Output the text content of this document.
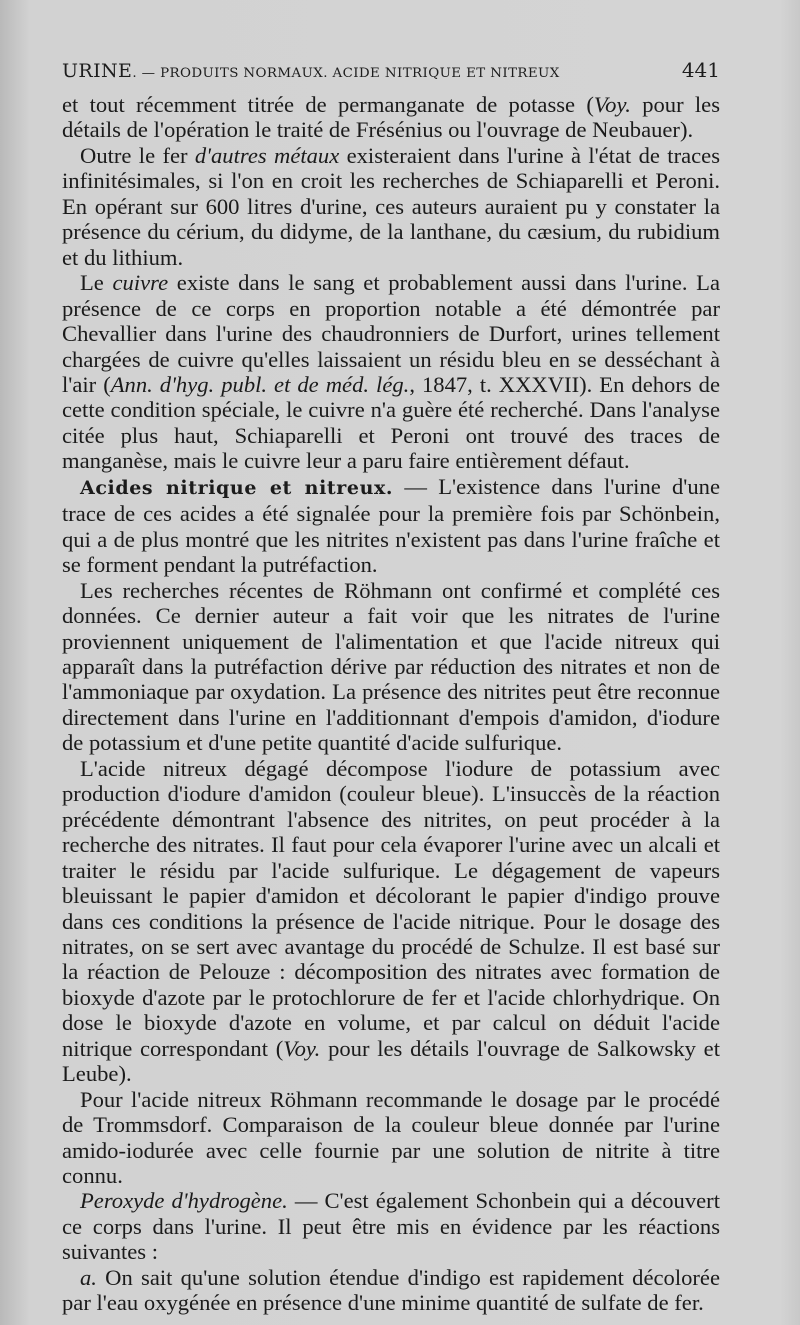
URINE. — PRODUITS NORMAUX. ACIDE NITRIQUE ET NITREUX	441

et tout récemment titrée de permanganate de potasse (Voy. pour les détails de l'opération le traité de Frésénius ou l'ouvrage de Neubauer).

Outre le fer d'autres métaux existeraient dans l'urine à l'état de traces infinitésimales, si l'on en croit les recherches de Schiaparelli et Peroni. En opérant sur 600 litres d'urine, ces auteurs auraient pu y constater la présence du cérium, du didyme, de la lanthane, du cæsium, du rubidium et du lithium.

Le cuivre existe dans le sang et probablement aussi dans l'urine. La présence de ce corps en proportion notable a été démontrée par Chevallier dans l'urine des chaudronniers de Durfort, urines tellement chargées de cuivre qu'elles laissaient un résidu bleu en se desséchant à l'air (Ann. d'hyg. publ. et de méd. lég., 1847, t. XXXVII). En dehors de cette condition spéciale, le cuivre n'a guère été recherché. Dans l'analyse citée plus haut, Schiaparelli et Peroni ont trouvé des traces de manganèse, mais le cuivre leur a paru faire entièrement défaut.

Acides nitrique et nitreux. — L'existence dans l'urine d'une trace de ces acides a été signalée pour la première fois par Schönbein, qui a de plus montré que les nitrites n'existent pas dans l'urine fraîche et se forment pendant la putréfaction.

Les recherches récentes de Röhmann ont confirmé et complété ces données. Ce dernier auteur a fait voir que les nitrates de l'urine proviennent uniquement de l'alimentation et que l'acide nitreux qui apparaît dans la putréfaction dérive par réduction des nitrates et non de l'ammoniaque par oxydation. La présence des nitrites peut être reconnue directement dans l'urine en l'additionnant d'empois d'amidon, d'iodure de potassium et d'une petite quantité d'acide sulfurique.

L'acide nitreux dégagé décompose l'iodure de potassium avec production d'iodure d'amidon (couleur bleue). L'insuccès de la réaction précédente démontrant l'absence des nitrites, on peut procéder à la recherche des nitrates. Il faut pour cela évaporer l'urine avec un alcali et traiter le résidu par l'acide sulfurique. Le dégagement de vapeurs bleuissant le papier d'amidon et décolorant le papier d'indigo prouve dans ces conditions la présence de l'acide nitrique. Pour le dosage des nitrates, on se sert avec avantage du procédé de Schulze. Il est basé sur la réaction de Pelouze : décomposition des nitrates avec formation de bioxyde d'azote par le protochlorure de fer et l'acide chlorhydrique. On dose le bioxyde d'azote en volume, et par calcul on déduit l'acide nitrique correspondant (Voy. pour les détails l'ouvrage de Salkowsky et Leube).

Pour l'acide nitreux Röhmann recommande le dosage par le procédé de Trommsdorf. Comparaison de la couleur bleue donnée par l'urine amido-iodurée avec celle fournie par une solution de nitrite à titre connu.

Peroxyde d'hydrogène. — C'est également Schonbein qui a découvert ce corps dans l'urine. Il peut être mis en évidence par les réactions suivantes :

a. On sait qu'une solution étendue d'indigo est rapidement décolorée par l'eau oxygénée en présence d'une minime quantité de sulfate de fer.
